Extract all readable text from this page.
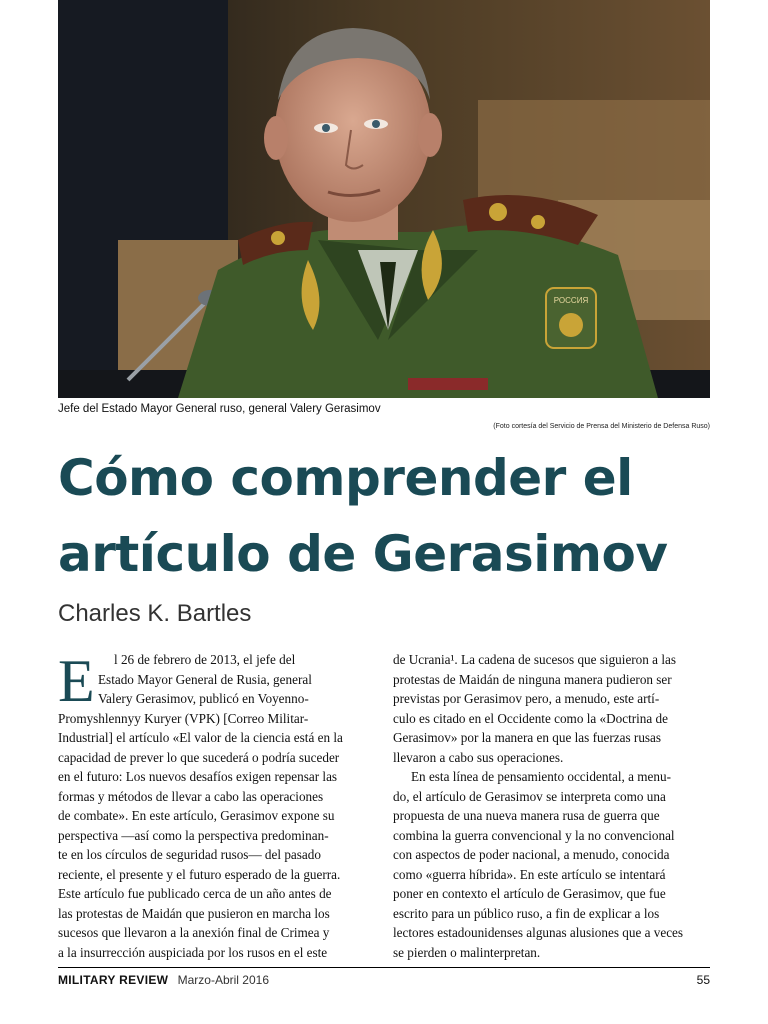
РОССИЯ
Jefe del Estado Mayor General ruso, general Valery Gerasimov
(Foto cortesía del Servicio de Prensa del Ministerio de Defensa Ruso)
Cómo comprender el
artículo de Gerasimov
Charles K. Bartles
E	l 26 de febrero de 2013, el jefe del
Estado Mayor General de Rusia, general
Valery Gerasimov, publicó en Voyenno-
Promyshlennyy Kuryer (VPK) [Correo Militar-
Industrial] el artículo «El valor de la ciencia está en la
capacidad de prever lo que sucederá o podría suceder
en el futuro: Los nuevos desafíos exigen repensar las
formas y métodos de llevar a cabo las operaciones
de combate». En este artículo, Gerasimov expone su
perspectiva —así como la perspectiva predominan-
te en los círculos de seguridad rusos— del pasado
reciente, el presente y el futuro esperado de la guerra.
Este artículo fue publicado cerca de un año antes de
las protestas de Maidán que pusieron en marcha los
sucesos que llevaron a la anexión final de Crimea y
a la insurrección auspiciada por los rusos en el este
de Ucrania¹. La cadena de sucesos que siguieron a las
protestas de Maidán de ninguna manera pudieron ser
previstas por Gerasimov pero, a menudo, este artí-
culo es citado en el Occidente como la «Doctrina de
Gerasimov» por la manera en que las fuerzas rusas
llevaron a cabo sus operaciones.
En esta línea de pensamiento occidental, a menu-
do, el artículo de Gerasimov se interpreta como una
propuesta de una nueva manera rusa de guerra que
combina la guerra convencional y la no convencional
con aspectos de poder nacional, a menudo, conocida
como «guerra híbrida». En este artículo se intentará
poner en contexto el artículo de Gerasimov, que fue
escrito para un público ruso, a fin de explicar a los
lectores estadounidenses algunas alusiones que a veces
se pierden o malinterpretan.
MILITARY REVIEW Marzo-Abril 2016	55
